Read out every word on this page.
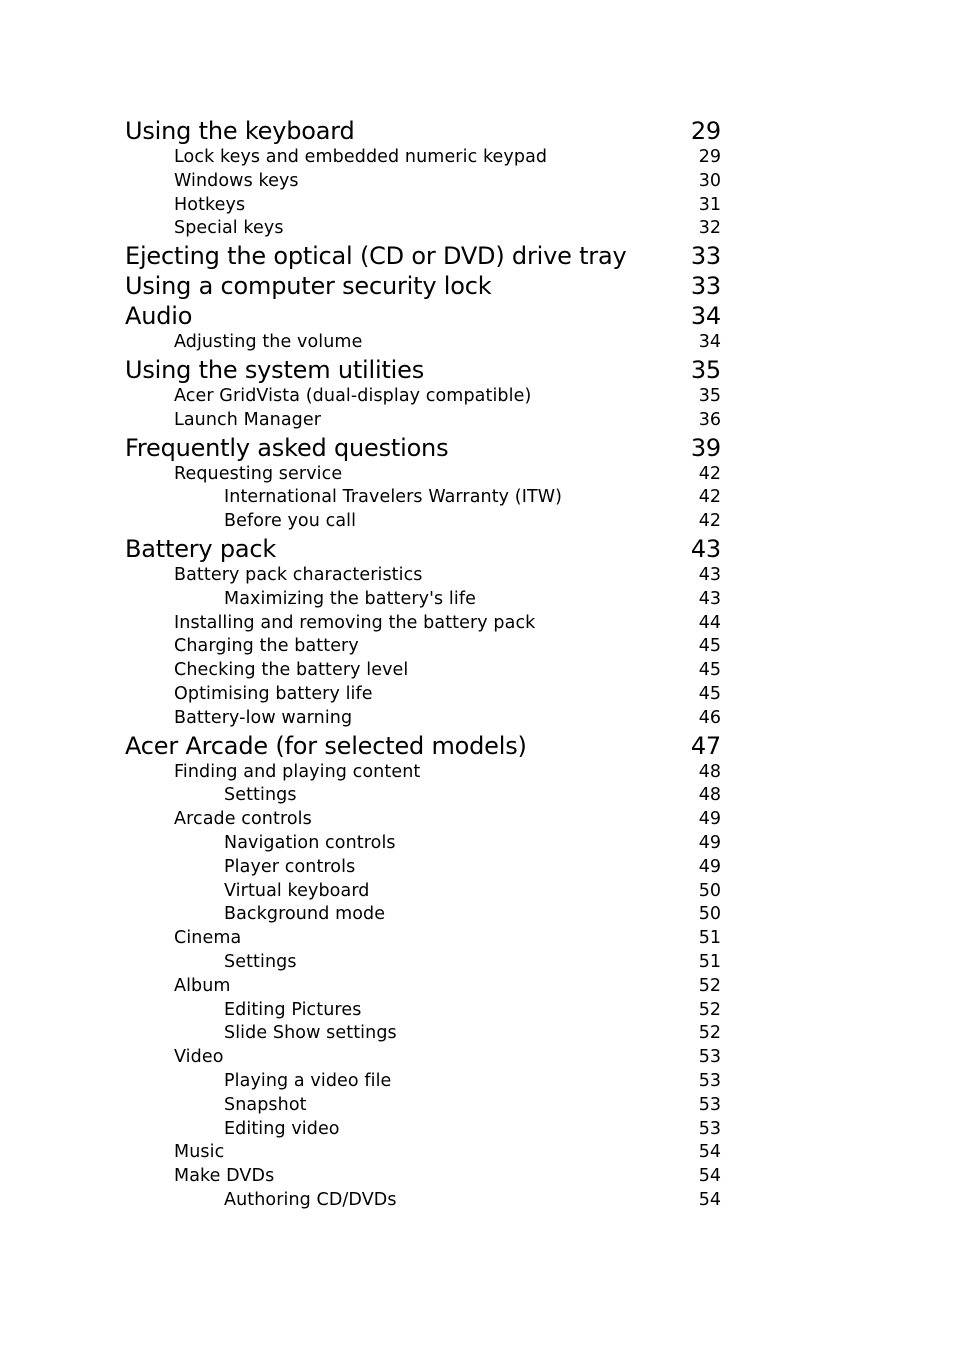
Using the keyboard	29
Lock keys and embedded numeric keypad	29
Windows keys	30
Hotkeys	31
Special keys	32
Ejecting the optical (CD or DVD) drive tray	33
Using a computer security lock	33
Audio	34
Adjusting the volume	34
Using the system utilities	35
Acer GridVista (dual-display compatible)	35
Launch Manager	36
Frequently asked questions	39
Requesting service	42
International Travelers Warranty (ITW)	42
Before you call	42
Battery pack	43
Battery pack characteristics	43
Maximizing the battery's life	43
Installing and removing the battery pack	44
Charging the battery	45
Checking the battery level	45
Optimising battery life	45
Battery-low warning	46
Acer Arcade (for selected models)	47
Finding and playing content	48
Settings	48
Arcade controls	49
Navigation controls	49
Player controls	49
Virtual keyboard	50
Background mode	50
Cinema	51
Settings	51
Album	52
Editing Pictures	52
Slide Show settings	52
Video	53
Playing a video file	53
Snapshot	53
Editing video	53
Music	54
Make DVDs	54
Authoring CD/DVDs	54
